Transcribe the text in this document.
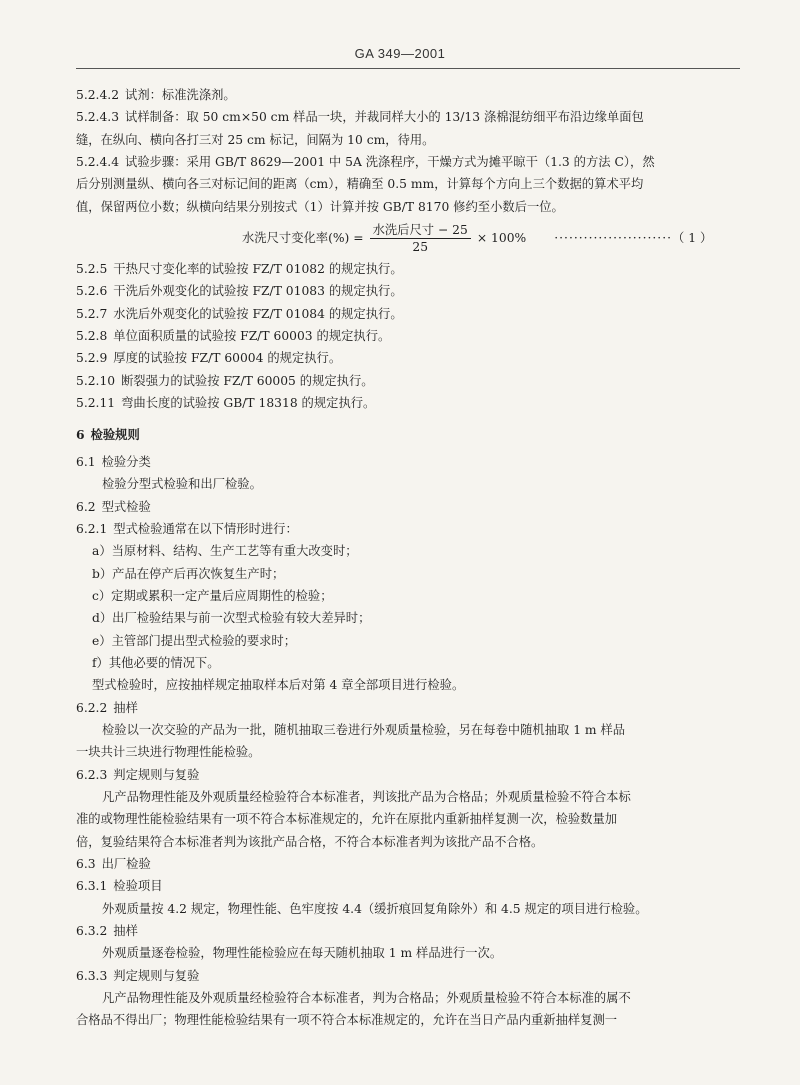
GA 349—2001

5.2.4.2 试剂：标准洗涤剂。

5.2.4.3 试样制备：取 50 cm×50 cm 样品一块，并裁同样大小的 13/13 涤棉混纺细平布沿边缘单面包

缝，在纵向、横向各打三对 25 cm 标记，间隔为 10 cm，待用。

5.2.4.4 试验步骤：采用 GB/T 8629—2001 中 5A 洗涤程序，干燥方式为摊平晾干（1.3 的方法 C），然

后分别测量纵、横向各三对标记间的距离（cm），精确至 0.5 mm，计算每个方向上三个数据的算术平均

值，保留两位小数；纵横向结果分别按式（1）计算并按 GB/T 8170 修约至小数后一位。

水洗尺寸变化率(%) = $\frac{\text{水洗后尺寸 − 25}}{25} \times 100\%$ ························ （ 1 ）

5.2.5 干热尺寸变化率的试验按 FZ/T 01082 的规定执行。

5.2.6 干洗后外观变化的试验按 FZ/T 01083 的规定执行。

5.2.7 水洗后外观变化的试验按 FZ/T 01084 的规定执行。

5.2.8 单位面积质量的试验按 FZ/T 60003 的规定执行。

5.2.9 厚度的试验按 FZ/T 60004 的规定执行。

5.2.10 断裂强力的试验按 FZ/T 60005 的规定执行。

5.2.11 弯曲长度的试验按 GB/T 18318 的规定执行。

6 检验规则

6.1 检验分类

检验分型式检验和出厂检验。

6.2 型式检验

6.2.1 型式检验通常在以下情形时进行：

a）当原材料、结构、生产工艺等有重大改变时；

b）产品在停产后再次恢复生产时；

c）定期或累积一定产量后应周期性的检验；

d）出厂检验结果与前一次型式检验有较大差异时；

e）主管部门提出型式检验的要求时；

f）其他必要的情况下。

型式检验时，应按抽样规定抽取样本后对第 4 章全部项目进行检验。

6.2.2 抽样

检验以一次交验的产品为一批，随机抽取三卷进行外观质量检验，另在每卷中随机抽取 1 m 样品

一块共计三块进行物理性能检验。

6.2.3 判定规则与复验

凡产品物理性能及外观质量经检验符合本标准者，判该批产品为合格品；外观质量检验不符合本标

准的或物理性能检验结果有一项不符合本标准规定的，允许在原批内重新抽样复测一次，检验数量加

倍，复验结果符合本标准者判为该批产品合格，不符合本标准者判为该批产品不合格。

6.3 出厂检验

6.3.1 检验项目

外观质量按 4.2 规定，物理性能、色牢度按 4.4（缓折痕回复角除外）和 4.5 规定的项目进行检验。

6.3.2 抽样

外观质量逐卷检验，物理性能检验应在每天随机抽取 1 m 样品进行一次。

6.3.3 判定规则与复验

凡产品物理性能及外观质量经检验符合本标准者，判为合格品；外观质量检验不符合本标准的属不

合格品不得出厂；物理性能检验结果有一项不符合本标准规定的，允许在当日产品内重新抽样复测一
